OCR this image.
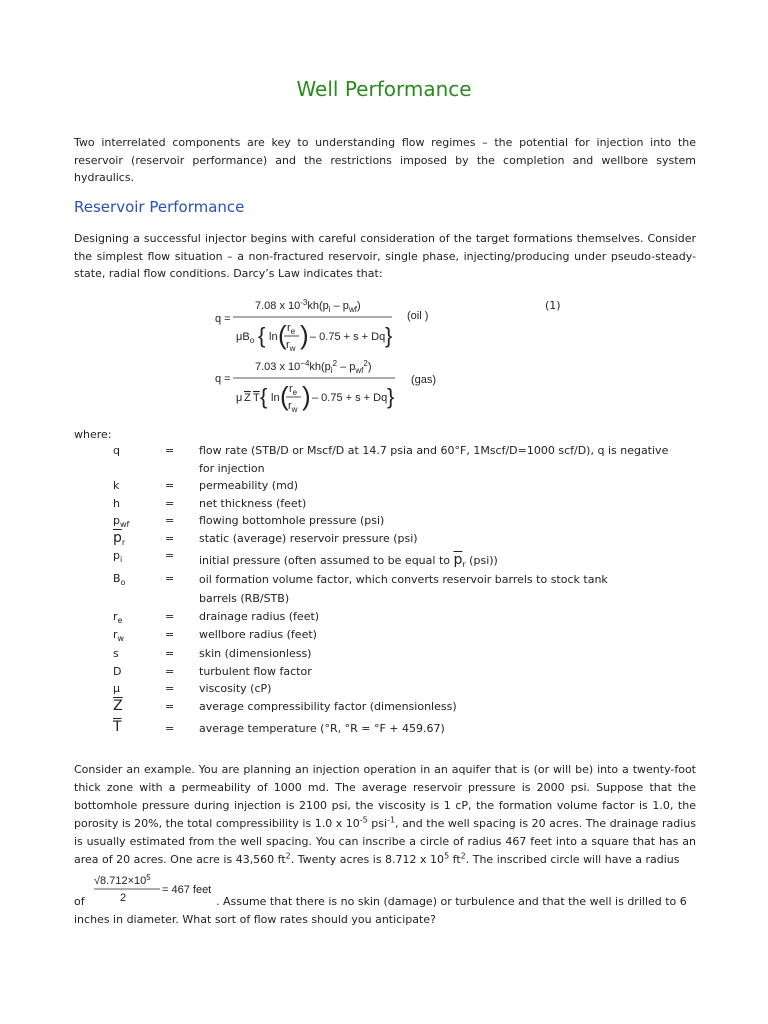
Well Performance

Two interrelated components are key to understanding flow regimes – the potential for injection into the reservoir (reservoir performance) and the restrictions imposed by the completion and wellbore system hydraulics.

Reservoir Performance

Designing a successful injector begins with careful consideration of the target formations themselves. Consider the simplest flow situation – a non-fractured reservoir, single phase, injecting/producing under pseudo-steady-state, radial flow conditions. Darcy’s Law indicates that:

q =
7.08 x $10^{-3}kh(p_i - p_{wf})$
$\mu B_o$ { ln ( $r_e$
$r_w$ ) – 0.75 + s + Dq }
(oil )
q =
7.03 x $10^{-4}kh(p_i^2 - p_{wf}^2)$
μ Z T { ln ( $r_e$
$r_w$ ) – 0.75 + s + Dq }
(gas)
(1)
where:
q	=	flow rate (STB/D or Mscf/D at 14.7 psia and 60°F, 1Mscf/D=1000 scf/D), q is negative for injection
k	=	permeability (md)
h	=	net thickness (feet)
$p_{wf}$	=	flowing bottomhole pressure (psi)
$\overline{p}_r$	=	static (average) reservoir pressure (psi)
$p_i$	=	initial pressure (often assumed to be equal to $\overline{p}_r$ (psi))
$B_o$	=	oil formation volume factor, which converts reservoir barrels to stock tank barrels (RB/STB)
$r_e$	=	drainage radius (feet)
$r_w$	=	wellbore radius (feet)
s	=	skin (dimensionless)
D	=	turbulent flow factor
μ	=	viscosity (cP)
$\overline{Z}$	=	average compressibility factor (dimensionless)
$\overline{T}$	=	average temperature (°R, °R = °F + 459.67)

Consider an example. You are planning an injection operation in an aquifer that is (or will be) into a twenty-foot thick zone with a permeability of 1000 md. The average reservoir pressure is 2000 psi. Suppose that the bottomhole pressure during injection is 2100 psi, the viscosity is 1 cP, the formation volume factor is 1.0, the porosity is 20%, the total compressibility is 1.0 x $10^{-5}$ psi$^{-1}$, and the well spacing is 20 acres. The drainage radius is usually estimated from the well spacing. You can inscribe a circle of radius 467 feet into a square that has an area of 20 acres. One acre is 43,560 $ft^2$. Twenty acres is 8.712 x $10^5$ $ft^2$. The inscribed circle will have a radius

of
$√8.712\times 10^5$
2
= 467 feet
. Assume that there is no skin (damage) or turbulence and that the well is drilled to 6
inches in diameter. What sort of flow rates should you anticipate?
